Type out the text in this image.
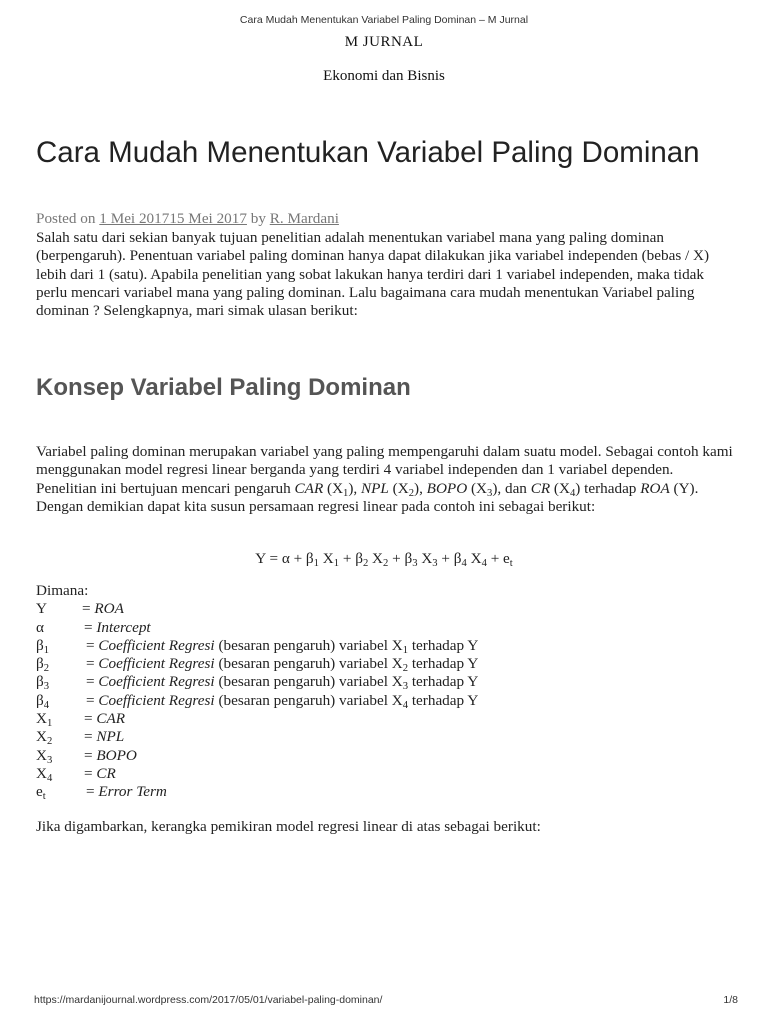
Cara Mudah Menentukan Variabel Paling Dominan – M Jurnal
M JURNAL
Ekonomi dan Bisnis
Cara Mudah Menentukan Variabel Paling Dominan
Posted on 1 Mei 201715 Mei 2017 by R. Mardani
Salah satu dari sekian banyak tujuan penelitian adalah menentukan variabel mana yang paling dominan (berpengaruh). Penentuan variabel paling dominan hanya dapat dilakukan jika variabel independen (bebas / X) lebih dari 1 (satu). Apabila penelitian yang sobat lakukan hanya terdiri dari 1 variabel independen, maka tidak perlu mencari variabel mana yang paling dominan. Lalu bagaimana cara mudah menentukan Variabel paling dominan ? Selengkapnya, mari simak ulasan berikut:
Konsep Variabel Paling Dominan
Variabel paling dominan merupakan variabel yang paling mempengaruhi dalam suatu model. Sebagai contoh kami menggunakan model regresi linear berganda yang terdiri 4 variabel independen dan 1 variabel dependen. Penelitian ini bertujuan mencari pengaruh CAR $(X_1)$, NPL $(X_2)$, BOPO $(X_3)$, dan CR $(X_4)$ terhadap ROA (Y). Dengan demikian dapat kita susun persamaan regresi linear pada contoh ini sebagai berikut:
$Y = \alpha + \beta_1$ $X_1 + \beta_2$ $X_2 + \beta_3$ $X_3 + \beta_4$ $X_4 + e_t$
Dimana:
Y = ROA
α	= Intercept
$\beta_1$ = Coefficient Regresi (besaran pengaruh) variabel $X_1$ terhadap Y
$\beta_2$ = Coefficient Regresi (besaran pengaruh) variabel $X_2$ terhadap Y
$\beta_3$ = Coefficient Regresi (besaran pengaruh) variabel $X_3$ terhadap Y
$\beta_4$ = Coefficient Regresi (besaran pengaruh) variabel $X_4$ terhadap Y
$X_1$ = CAR
$X_2$ = NPL
$X_3$ = BOPO
$X_4$ = CR
$e_t$	= Error Term
Jika digambarkan, kerangka pemikiran model regresi linear di atas sebagai berikut:
https://mardanijournal.wordpress.com/2017/05/01/variabel-paling-dominan/	1/8
